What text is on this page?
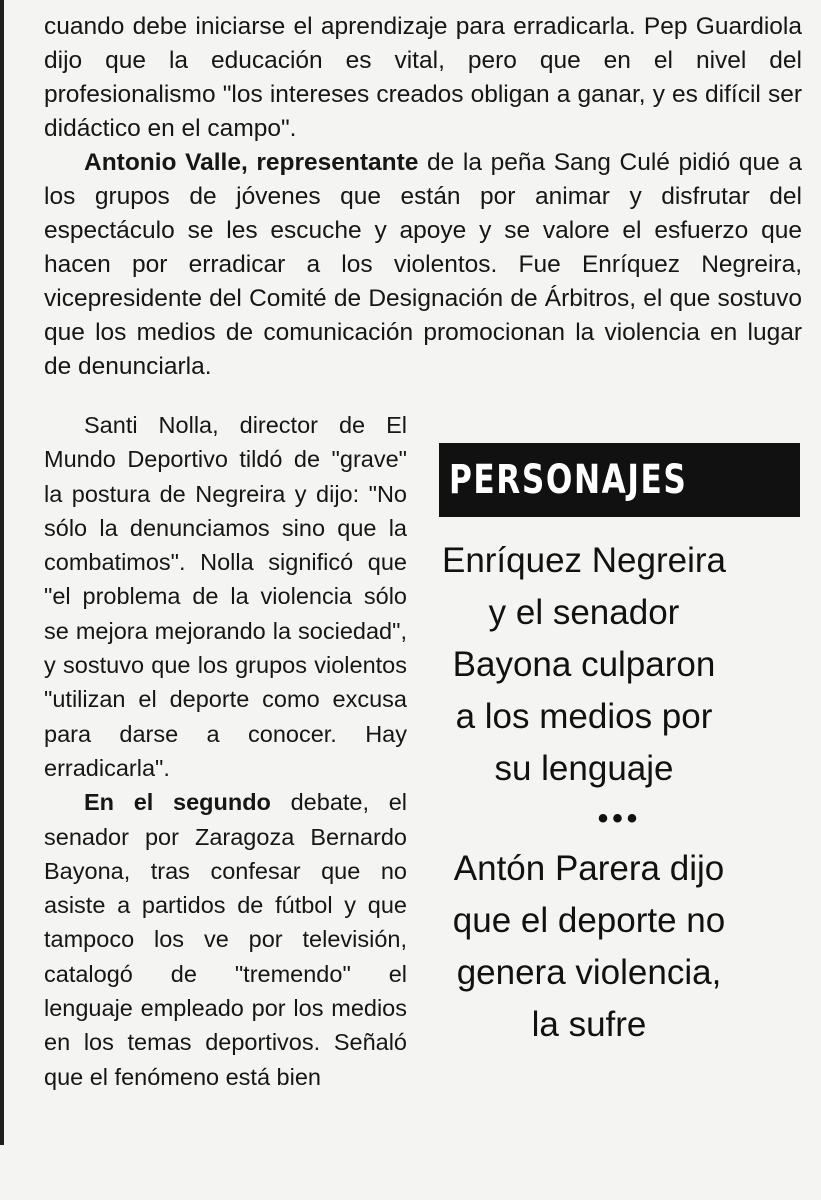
cuando debe iniciarse el aprendizaje para erradicarla. Pep Guardiola dijo que la educación es vital, pero que en el nivel del profesionalismo "los intereses creados obligan a ganar, y es difícil ser didáctico en el campo".

Antonio Valle, representante de la peña Sang Culé pidió que a los grupos de jóvenes que están por animar y disfrutar del espectáculo se les escuche y apoye y se valore el esfuerzo que hacen por erradicar a los violentos. Fue Enríquez Negreira, vicepresidente del Comité de Designación de Árbitros, el que sostuvo que los medios de comunicación promocionan la violencia en lugar de denunciarla.

Santi Nolla, director de El Mundo Deportivo tildó de "grave" la postura de Negreira y dijo: "No sólo la denunciamos sino que la combatimos". Nolla significó que "el problema de la violencia sólo se mejora mejorando la sociedad", y sostuvo que los grupos violentos "utilizan el deporte como excusa para darse a conocer. Hay erradicarla".

En el segundo debate, el senador por Zaragoza Bernardo Bayona, tras confesar que no asiste a partidos de fútbol y que tampoco los ve por televisión, catalogó de "tremendo" el lenguaje empleado por los medios en los temas deportivos. Señaló que el fenómeno está bien

PERSONAJES

Enríquez Negreira y el senador Bayona culparon a los medios por su lenguaje

•••

Antón Parera dijo que el deporte no genera violencia, la sufre
